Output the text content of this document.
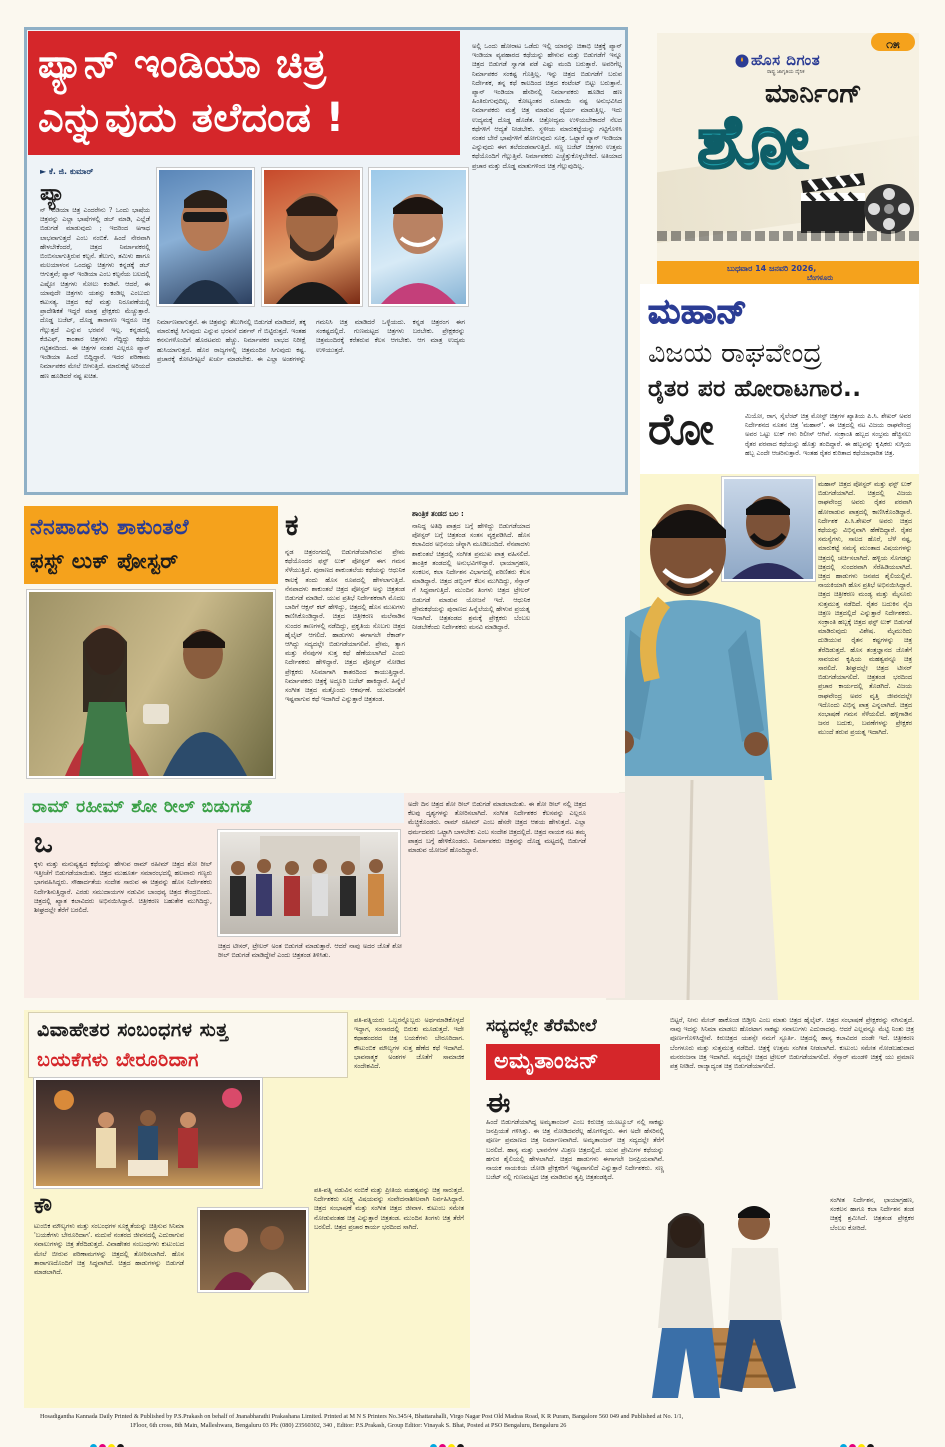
ಪ್ಯಾನ್ ಇಂಡಿಯಾ ಚಿತ್ರ
ಎನ್ನುವುದು ತಲೆದಂಡ !
ಅಲ್ಲಿ ಒಂದು ಹೋರಾಟ ಒಡೆದು ಇಲ್ಲಿ ಯಾರನ್ನು ಚಿತಾಭಿ ಚಿತ್ರಕ್ಕೆ ಪ್ಯಾನ್ ಇಂಡಿಯಾ ವ್ಯವಹಾರದ ಕಥೆಯನ್ನು ಹೇಳುವ ಮತ್ತು ಬಿಡುಗಡೆಗೆ ಇನ್ನೂ ಚಿತ್ರದ ಬಿಡುಗಡೆ ಸ್ವಾಗತ ಪಡೆ ಎಷ್ಟು ಮಂದಿ ಬರುತ್ತಾರೆ. ಅವರಿಗೆಲ್ಲ ನಿರ್ಮಾಪಕರ ಸಂಕಷ್ಟ ಗೊತ್ತಿಲ್ಲ. ಇನ್ನು ಚಿತ್ರದ ಬಿಡುಗಡೆಗೆ ಬರುವ ನಿರ್ದೇಶಕ, ತನ್ನ ಕಥೆ ಕಾಲದಿಂದ ಚಿತ್ರದ ಕಂಟೆಂಟ್ ಬಿಟ್ಟು ಬರುತ್ತಾನೆ. ಪ್ಯಾನ್ ಇಂಡಿಯಾ ಹೆಸರಿನಲ್ಲಿ ನಿರ್ಮಾಪಕರು ಹೂಡಿದ ಹಣ ಹಿಂತಿರುಗುವುದಿಲ್ಲ. ಕೋಟ್ಯಂತರ ರೂಪಾಯಿ ನಷ್ಟ ಅನುಭವಿಸಿದ ನಿರ್ಮಾಪಕರು ಮತ್ತೆ ಚಿತ್ರ ಮಾಡುವ ಧೈರ್ಯ ಮಾಡುತ್ತಿಲ್ಲ. ಇದು ಉದ್ಯಮಕ್ಕೆ ದೊಡ್ಡ ಹೊಡೆತ. ಚಿತ್ರೋದ್ಯಮ ಉಳಿಯಬೇಕಾದರೆ ನೆಲದ ಕಥೆಗಳಿಗೆ ಆದ್ಯತೆ ನೀಡಬೇಕು. ಸ್ಥಳೀಯ ಮಾರುಕಟ್ಟೆಯನ್ನು ಗಟ್ಟಿಗೊಳಿಸಿ ನಂತರ ಬೇರೆ ಭಾಷೆಗಳಿಗೆ ಹೋಗುವುದು ಸೂಕ್ತ. ಒಟ್ಟಾರೆ ಪ್ಯಾನ್ ಇಂಡಿಯಾ ಎನ್ನುವುದು ಈಗ ತಲೆದಂಡವಾಗುತ್ತಿದೆ. ಸಣ್ಣ ಬಜೆಟ್ ಚಿತ್ರಗಳು ಉತ್ತಮ ಕಥೆಯೊಂದಿಗೆ ಗೆಲ್ಲುತ್ತಿವೆ. ನಿರ್ಮಾಪಕರು ಎಚ್ಚೆತ್ತುಕೊಳ್ಳಬೇಕಿದೆ. ಅತಿಯಾದ ಪ್ರಚಾರ ಮತ್ತು ದೊಡ್ಡ ಮಾತುಗಳಿಂದ ಚಿತ್ರ ಗೆಲ್ಲುವುದಿಲ್ಲ.
► ಕೆ. ಜಿ. ಕುಮಾರ್
ಪ್ಯಾ
ನ್ ಇಂಡಿಯಾ ಚಿತ್ರ ಎಂದರೇನು ? ಒಂದು ಭಾಷೆಯ ಚಿತ್ರವನ್ನು ಎಲ್ಲಾ ಭಾಷೆಗಳಲ್ಲಿ ಡಬ್ ಮಾಡಿ, ಎಲ್ಲೆಡೆ ಬಿಡುಗಡೆ ಮಾಡುವುದು ; ಇದರಿಂದ ಅಗಾಧ ಲಾಭವಾಗುತ್ತದೆ ಎಂಬ ನಂಬಿಕೆ. ಹಿಂದೆ ನೇರವಾಗಿ ಹೇಳಬೇಕೆಂದರೆ, ಚಿತ್ರದ ನಿರ್ಮಾಪಕರಲ್ಲಿ ಬಿಂಬಿಸಲಾಗುತ್ತಿರುವ ಕಲ್ಪನೆ. ತೆಲುಗು, ತಮಿಳು ಹಾಗೂ ಮಲಯಾಳಂನ ಒಂದಷ್ಟು ಚಿತ್ರಗಳು ಕನ್ನಡಕ್ಕೆ ಡಬ್ ಆಗುತ್ತವೆ; ಪ್ಯಾನ್ ಇಂಡಿಯಾ ಎಂಬ ಕಲ್ಪನೆಯ ಬಲದಲ್ಲಿ ಎಷ್ಟೋ ಚಿತ್ರಗಳು ಸೋಲು ಕಂಡಿವೆ. ಆದರೆ, ಈ ಯಾವುದೇ ಚಿತ್ರಗಳು ಯಶಸ್ಸು ಕಂಡಿಲ್ಲ ಎಂಬುದು ಕಟುಸತ್ಯ. ಚಿತ್ರದ ಕಥೆ ಮತ್ತು ನಿರೂಪಣೆಯಲ್ಲಿ ಪ್ರಾದೇಶಿಕತೆ ಇದ್ದರೆ ಮಾತ್ರ ಪ್ರೇಕ್ಷಕರು ಮೆಚ್ಚುತ್ತಾರೆ. ದೊಡ್ಡ ಬಜೆಟ್, ದೊಡ್ಡ ತಾರಾಗಣ ಇದ್ದರೂ ಚಿತ್ರ ಗೆಲ್ಲುತ್ತದೆ ಎನ್ನುವ ಭರವಸೆ ಇಲ್ಲ. ಕನ್ನಡದಲ್ಲಿ ಕೆಜಿಎಫ್, ಕಾಂತಾರ ಚಿತ್ರಗಳು ಗೆದ್ದಿದ್ದು ಕಥೆಯ ಗಟ್ಟಿತನದಿಂದ. ಈ ಚಿತ್ರಗಳ ನಂತರ ಎಲ್ಲರೂ ಪ್ಯಾನ್ ಇಂಡಿಯಾ ಹಿಂದೆ ಬಿದ್ದಿದ್ದಾರೆ. ಇದರ ಪರಿಣಾಮ ನಿರ್ಮಾಪಕರ ಮೇಲೆ ಬೀಳುತ್ತಿದೆ. ಮಾರುಕಟ್ಟೆ ಅರಿಯದೆ ಹಣ ಹೂಡಿದರೆ ನಷ್ಟ ಖಚಿತ.
ನಿರ್ಮಾಣವಾಗುತ್ತವೆ. ಈ ಚಿತ್ರವನ್ನು ತೆಲುಗಿನಲ್ಲಿ ಬಿಡುಗಡೆ ಮಾಡಿದರೆ, ತಕ್ಕ ಮಾರುಕಟ್ಟೆ ಸಿಗುವುದು ಎನ್ನುವ ಭರವಸೆ ದರ್ಶನ್ ಗೆ ಬಿಟ್ಟಿರುತ್ತದೆ. ಇಂತಹ ಕನಸುಗಳೊಂದಿಗೆ ಹೊರಟವರು ಹೆಚ್ಚು. ನಿರ್ಮಾಪಕರ ಲಾಭದ ನಿರೀಕ್ಷೆ ಹುಸಿಯಾಗುತ್ತದೆ. ಹೊರ ರಾಜ್ಯಗಳಲ್ಲಿ ಚಿತ್ರಮಂದಿರ ಸಿಗುವುದು ಕಷ್ಟ. ಪ್ರಚಾರಕ್ಕೆ ಕೋಟಿಗಟ್ಟಲೆ ಖರ್ಚು ಮಾಡಬೇಕು. ಈ ಎಲ್ಲಾ ಅಂಶಗಳನ್ನು ಗಮನಿಸಿ ಚಿತ್ರ ಮಾಡಿದರೆ ಒಳ್ಳೆಯದು. ಕನ್ನಡ ಚಿತ್ರರಂಗ ಈಗ ಸಂಕಷ್ಟದಲ್ಲಿದೆ. ಗುಣಮಟ್ಟದ ಚಿತ್ರಗಳು ಬರಬೇಕು. ಪ್ರೇಕ್ಷಕರನ್ನು ಚಿತ್ರಮಂದಿರಕ್ಕೆ ಕರೆತರುವ ಕೆಲಸ ಆಗಬೇಕು. ಆಗ ಮಾತ್ರ ಉದ್ಯಮ ಉಳಿಯುತ್ತದೆ.
೧೫
ಹೊಸ ದಿಗಂತ
ರಾಷ್ಟ್ರ ಜಾಗೃತಿಯ ದೈನಿಕ
ಮಾರ್ನಿಂಗ್
ಶೋ
ಬುಧವಾರ 14 ಜನವರಿ 2026,
ಬೆಂಗಳೂರು
ಮಹಾನ್
ವಿಜಯ ರಾಘವೇಂದ್ರ
ರೈತರ ಪರ ಹೋರಾಟಗಾರ..
ರೋ	ಮಿಯೋ, ರಾಗ, ಸೈಲೆಂಟ್ ಚಿತ್ರ ಮೋಸ್ಟ್ ಚಿತ್ರಗಳ ಖ್ಯಾತಿಯ ಪಿ.ಸಿ. ಶೇಖರ್ ಅವರ ನಿರ್ದೇಶನದ ನೂತನ ಚಿತ್ರ 'ಮಹಾನ್'. ಈ ಚಿತ್ರದಲ್ಲಿ ನಟ ವಿಜಯ ರಾಘವೇಂದ್ರ ಅವರ ಒಟ್ಟು ಲುಕ್ ಗಳು ರಿಲೀಸ್ ಆಗಿವೆ. ಸಂಕ್ರಾಂತಿ ಹಬ್ಬದ ಸಂಭ್ರಮ ಹೆಚ್ಚಿಸಲು ರೈತರ ಪರವಾದ ಕಥೆಯನ್ನು ಹೊತ್ತು ತಂದಿದ್ದಾರೆ. ಈ ಹಬ್ಬವನ್ನು ಕೃಷಿಕರು ಸುಗ್ಗಿಯ ಹಬ್ಬ ಎಂದೇ ಆಚರಿಸುತ್ತಾರೆ. ಇಂತಹ ರೈತರ ಕುರಿತಾದ ಕಥೆಯಾಧಾರಿತ ಚಿತ್ರ.
ಮಹಾನ್ ಚಿತ್ರದ ಪೋಸ್ಟರ್ ಮತ್ತು ಫಸ್ಟ್ ಲುಕ್ ಬಿಡುಗಡೆಯಾಗಿದೆ. ಚಿತ್ರದಲ್ಲಿ ವಿಜಯ ರಾಘವೇಂದ್ರ ಅವರು ರೈತರ ಪರವಾಗಿ ಹೋರಾಡುವ ಪಾತ್ರದಲ್ಲಿ ಕಾಣಿಸಿಕೊಂಡಿದ್ದಾರೆ. ನಿರ್ದೇಶಕ ಪಿ.ಸಿ.ಶೇಖರ್ ಅವರು ಚಿತ್ರದ ಕಥೆಯನ್ನು ವಿಭಿನ್ನವಾಗಿ ಹೆಣೆದಿದ್ದಾರೆ. ರೈತರ ಸಮಸ್ಯೆಗಳು, ಸಾಲದ ಹೊರೆ, ಬೆಳೆ ನಷ್ಟ, ಮಾರುಕಟ್ಟೆ ಸಮಸ್ಯೆ ಮುಂತಾದ ವಿಷಯಗಳನ್ನು ಚಿತ್ರದಲ್ಲಿ ಚರ್ಚಿಸಲಾಗಿದೆ. ಹಳ್ಳಿಯ ಸೊಗಡನ್ನು ಚಿತ್ರದಲ್ಲಿ ಸುಂದರವಾಗಿ ಸೆರೆಹಿಡಿಯಲಾಗಿದೆ. ಚಿತ್ರದ ಹಾಡುಗಳು ಜನಪದ ಶೈಲಿಯಲ್ಲಿವೆ. ನಾಯಕಿಯಾಗಿ ಹೊಸ ಪ್ರತಿಭೆ ಅಭಿನಯಿಸಿದ್ದಾರೆ. ಚಿತ್ರದ ಚಿತ್ರೀಕರಣ ಮಂಡ್ಯ ಮತ್ತು ಮೈಸೂರು ಸುತ್ತಮುತ್ತ ನಡೆದಿದೆ. ರೈತರ ಬದುಕಿನ ನೈಜ ಚಿತ್ರಣ ಚಿತ್ರದಲ್ಲಿದೆ ಎನ್ನುತ್ತಾರೆ ನಿರ್ದೇಶಕರು. ಸಂಕ್ರಾಂತಿ ಹಬ್ಬಕ್ಕೆ ಚಿತ್ರದ ಫಸ್ಟ್ ಲುಕ್ ಬಿಡುಗಡೆ ಮಾಡಿರುವುದು ವಿಶೇಷ. ಮೈಮುರಿದು ದುಡಿಯುವ ರೈತನ ಕಷ್ಟಗಳನ್ನು ಚಿತ್ರ ತೆರೆದಿಡುತ್ತದೆ. ಹೊಸ ತಂತ್ರಜ್ಞಾನದ ಜೊತೆಗೆ ಸಾವಯವ ಕೃಷಿಯ ಮಹತ್ವವನ್ನೂ ಚಿತ್ರ ಸಾರಲಿದೆ. ಶೀಘ್ರದಲ್ಲೇ ಚಿತ್ರದ ಟೀಸರ್ ಬಿಡುಗಡೆಯಾಗಲಿದೆ. ಚಿತ್ರತಂಡ ಭರದಿಂದ ಪ್ರಚಾರ ಕಾರ್ಯದಲ್ಲಿ ತೊಡಗಿದೆ. ವಿಜಯ ರಾಘವೇಂದ್ರ ಅವರ ವೃತ್ತಿ ಜೀವನದಲ್ಲೇ ಇದೊಂದು ವಿಭಿನ್ನ ಪಾತ್ರ ಎನ್ನಲಾಗಿದೆ. ಚಿತ್ರದ ಸಂಭಾಷಣೆ ಗಮನ ಸೆಳೆಯಲಿದೆ. ಹಳ್ಳಿಗಾಡಿನ ಜನರ ಬದುಕು, ಬವಣೆಗಳನ್ನು ಪ್ರೇಕ್ಷಕರ ಮುಂದೆ ತರುವ ಪ್ರಯತ್ನ ಇದಾಗಿದೆ.
ನೆನಪಾದಳು ಶಾಕುಂತಲೆ
ಫಸ್ಟ್ ಲುಕ್ ಪೋಸ್ಟರ್
ಕ
ನ್ನಡ ಚಿತ್ರರಂಗದಲ್ಲಿ ಬಿಡುಗಡೆಯಾಗಿರುವ ಪ್ರೇಮ ಕಥೆಯೊಂದರ ಫಸ್ಟ್ ಲುಕ್ ಪೋಸ್ಟರ್ ಈಗ ಗಮನ ಸೆಳೆಯುತ್ತಿದೆ. ಪುರಾಣದ ಶಾಕುಂತಲೆಯ ಕಥೆಯನ್ನು ಆಧುನಿಕ ಕಾಲಕ್ಕೆ ತಂದು ಹೊಸ ರೂಪದಲ್ಲಿ ಹೇಳಲಾಗುತ್ತಿದೆ. ನೆನಪಾದಳು ಶಾಕುಂತಲೆ ಚಿತ್ರದ ಪೋಸ್ಟರ್ ಅನ್ನು ಚಿತ್ರತಂಡ ಬಿಡುಗಡೆ ಮಾಡಿದೆ. ಯುವ ಪ್ರತಿಭೆ ನಿರ್ದೇಶಕರಾಗಿ ಮೊದಲ ಬಾರಿಗೆ ಆಕ್ಷನ್ ಕಟ್ ಹೇಳಿದ್ದು, ಚಿತ್ರದಲ್ಲಿ ಹೊಸ ಮುಖಗಳು ಕಾಣಿಸಿಕೊಂಡಿದ್ದಾರೆ. ಚಿತ್ರದ ಚಿತ್ರೀಕರಣ ಮಲೆನಾಡಿನ ಸುಂದರ ತಾಣಗಳಲ್ಲಿ ನಡೆದಿದ್ದು, ಪ್ರಕೃತಿಯ ಸೊಬಗು ಚಿತ್ರದ ಹೈಲೈಟ್ ಆಗಲಿದೆ. ಹಾಡುಗಳು ಈಗಾಗಲೇ ರೆಕಾರ್ಡ್ ಆಗಿದ್ದು ಸದ್ಯದಲ್ಲೇ ಬಿಡುಗಡೆಯಾಗಲಿವೆ. ಪ್ರೇಮ, ತ್ಯಾಗ ಮತ್ತು ನೆನಪುಗಳ ಸುತ್ತ ಕಥೆ ಹೆಣೆಯಲಾಗಿದೆ ಎಂದು ನಿರ್ದೇಶಕರು ಹೇಳಿದ್ದಾರೆ. ಚಿತ್ರದ ಪೋಸ್ಟರ್ ನೋಡಿದ ಪ್ರೇಕ್ಷಕರು ಸಿನಿಮಾಗಾಗಿ ಕಾತರದಿಂದ ಕಾಯುತ್ತಿದ್ದಾರೆ. ನಿರ್ಮಾಪಕರು ಚಿತ್ರಕ್ಕೆ ಅದ್ದೂರಿ ಬಜೆಟ್ ಹಾಕಿದ್ದಾರೆ. ಹಿನ್ನೆಲೆ ಸಂಗೀತ ಚಿತ್ರದ ಮತ್ತೊಂದು ಆಕರ್ಷಣೆ. ಯುವಜನತೆಗೆ ಇಷ್ಟವಾಗುವ ಕಥೆ ಇದಾಗಿದೆ ಎನ್ನುತ್ತಾರೆ ಚಿತ್ರತಂಡ.
ಶಾಂತ್ರಿಕ ತಂಡದ ಬಲ :
ನಾನಿದ್ದ ಅತಿಥಿ ಪಾತ್ರದ ಬಗ್ಗೆ ಹೇಳಿದ್ದು ಬಿಡುಗಡೆಯಾದ ಪೋಸ್ಟರ್ ಬಗ್ಗೆ ಚಿತ್ರತಂಡ ಸಂತಸ ವ್ಯಕ್ತಪಡಿಸಿದೆ. ಹೊಸ ಕಲಾವಿದರ ಅಭಿನಯ ಚೆನ್ನಾಗಿ ಮೂಡಿಬಂದಿದೆ. ನೆನಪಾದಳು ಶಾಕುಂತಲೆ ಚಿತ್ರದಲ್ಲಿ ಸಂಗೀತ ಪ್ರಮುಖ ಪಾತ್ರ ವಹಿಸಲಿದೆ. ತಾಂತ್ರಿಕ ತಂಡದಲ್ಲಿ ಅನುಭವಿಗಳಿದ್ದಾರೆ. ಛಾಯಾಗ್ರಹಣ, ಸಂಕಲನ, ಕಲಾ ನಿರ್ದೇಶನ ವಿಭಾಗದಲ್ಲಿ ಪರಿಣಿತರು ಕೆಲಸ ಮಾಡಿದ್ದಾರೆ. ಚಿತ್ರದ ಡಬ್ಬಿಂಗ್ ಕೆಲಸ ಮುಗಿದಿದ್ದು, ಸೆನ್ಸಾರ್ ಗೆ ಸಿದ್ಧವಾಗುತ್ತಿದೆ. ಮುಂದಿನ ತಿಂಗಳು ಚಿತ್ರದ ಟ್ರೇಲರ್ ಬಿಡುಗಡೆ ಮಾಡುವ ಯೋಜನೆ ಇದೆ. ಆಧುನಿಕ ಪ್ರೇಮಕಥೆಯನ್ನು ಪುರಾಣದ ಹಿನ್ನೆಲೆಯಲ್ಲಿ ಹೇಳುವ ಪ್ರಯತ್ನ ಇದಾಗಿದೆ. ಚಿತ್ರತಂಡದ ಶ್ರಮಕ್ಕೆ ಪ್ರೇಕ್ಷಕರು ಬೆಂಬಲ ನೀಡಬೇಕೆಂದು ನಿರ್ದೇಶಕರು ಮನವಿ ಮಾಡಿದ್ದಾರೆ.
ರಾಮ್ ರಹೀಮ್ ಶೋ ರೀಲ್ ಬಿಡುಗಡೆ
ಒ
ಕ್ಕಳು ಮತ್ತು ಮನುಷ್ಯತ್ವದ ಕಥೆಯನ್ನು ಹೇಳುವ ರಾಮ್ ರಹೀಮ್ ಚಿತ್ರದ ಶೋ ರೀಲ್ ಇತ್ತೀಚೆಗೆ ಬಿಡುಗಡೆಯಾಯಿತು. ಚಿತ್ರದ ಮುಹೂರ್ತ ಸಮಾರಂಭದಲ್ಲಿ ಹಲವಾರು ಗಣ್ಯರು ಭಾಗವಹಿಸಿದ್ದರು. ಸೌಹಾರ್ದತೆಯ ಸಂದೇಶ ಸಾರುವ ಈ ಚಿತ್ರವನ್ನು ಹೊಸ ನಿರ್ದೇಶಕರು ನಿರ್ದೇಶಿಸುತ್ತಿದ್ದಾರೆ. ಎರಡು ಸಮುದಾಯಗಳ ನಡುವಿನ ಬಾಂಧವ್ಯ ಚಿತ್ರದ ಕೇಂದ್ರಬಿಂದು. ಚಿತ್ರದಲ್ಲಿ ಖ್ಯಾತ ಕಲಾವಿದರು ಅಭಿನಯಿಸಿದ್ದಾರೆ. ಚಿತ್ರೀಕರಣ ಬಹುತೇಕ ಮುಗಿದಿದ್ದು, ಶೀಘ್ರದಲ್ಲೇ ತೆರೆಗೆ ಬರಲಿದೆ.
ಚಿತ್ರದ ಟೀಸರ್, ಟ್ರೇಲರ್ ಅಂತ ಬಿಡುಗಡೆ ಮಾಡುತ್ತಾರೆ. ಆದರೆ ನಾವು ಅದರ ಜೊತೆ ಶೋ ರೀಲ್ ಬಿಡುಗಡೆ ಮಾಡಿದ್ದೇವೆ ಎಂದು ಚಿತ್ರತಂಡ ತಿಳಿಸಿತು.
ಅದೇ ದಿನ ಚಿತ್ರದ ಶೋ ರೀಲ್ ಬಿಡುಗಡೆ ಮಾಡಲಾಯಿತು. ಈ ಶೋ ರೀಲ್ ನಲ್ಲಿ ಚಿತ್ರದ ಕೆಲವು ದೃಶ್ಯಗಳನ್ನು ತೋರಿಸಲಾಗಿದೆ. ಸಂಗೀತ ನಿರ್ದೇಶಕರ ಕೆಲಸವನ್ನು ಎಲ್ಲರೂ ಮೆಚ್ಚಿಕೊಂಡರು. ರಾಮ್ ರಹೀಮ್ ಎಂಬ ಹೆಸರೇ ಚಿತ್ರದ ಆಶಯ ಹೇಳುತ್ತದೆ. ಎಲ್ಲಾ ಧರ್ಮದವರು ಒಟ್ಟಾಗಿ ಬಾಳಬೇಕು ಎಂಬ ಸಂದೇಶ ಚಿತ್ರದಲ್ಲಿದೆ. ಚಿತ್ರದ ನಾಯಕ ನಟ ತಮ್ಮ ಪಾತ್ರದ ಬಗ್ಗೆ ಹೇಳಿಕೊಂಡರು. ನಿರ್ಮಾಪಕರು ಚಿತ್ರವನ್ನು ದೊಡ್ಡ ಮಟ್ಟದಲ್ಲಿ ಬಿಡುಗಡೆ ಮಾಡುವ ಯೋಜನೆ ಹೊಂದಿದ್ದಾರೆ.
ವಿವಾಹೇತರ ಸಂಬಂಧಗಳ ಸುತ್ತ
ಬಯಕೆಗಳು ಬೇರೂರಿದಾಗ
ಪತಿ-ಪತ್ನಿಯರು ಒಬ್ಬರನ್ನೊಬ್ಬರು ಅರ್ಥಮಾಡಿಕೊಳ್ಳದೆ ಇದ್ದಾಗ, ಸಂಸಾರದಲ್ಲಿ ಬಿರುಕು ಮೂಡುತ್ತದೆ. ಇದೇ ಕಥಾಹಂದರದ ಚಿತ್ರ ಬಯಕೆಗಳು ಬೇರೂರಿದಾಗ. ಕೌಟುಂಬಿಕ ಮೌಲ್ಯಗಳ ಸುತ್ತ ಹೆಣೆದ ಕಥೆ ಇದಾಗಿದೆ. ಭಾವನಾತ್ಮಕ ಅಂಶಗಳ ಜೊತೆಗೆ ಸಾಮಾಜಿಕ ಸಂದೇಶವಿದೆ.
ಕೌ
ಟುಂಬಿಕ ಮೌಲ್ಯಗಳು ಮತ್ತು ಸಂಬಂಧಗಳ ಸೂಕ್ಷ್ಮತೆಯನ್ನು ಚಿತ್ರಿಸುವ ಸಿನಿಮಾ 'ಬಯಕೆಗಳು ಬೇರೂರಿದಾಗ'. ಮದುವೆ ನಂತರದ ಜೀವನದಲ್ಲಿ ಎದುರಾಗುವ ಸವಾಲುಗಳನ್ನು ಚಿತ್ರ ತೆರೆದಿಡುತ್ತದೆ. ವಿವಾಹೇತರ ಸಂಬಂಧಗಳು ಕುಟುಂಬದ ಮೇಲೆ ಬೀರುವ ಪರಿಣಾಮಗಳನ್ನು ಚಿತ್ರದಲ್ಲಿ ತೋರಿಸಲಾಗಿದೆ. ಹೊಸ ತಾರಾಗಣದೊಂದಿಗೆ ಚಿತ್ರ ಸಿದ್ಧವಾಗಿದೆ. ಚಿತ್ರದ ಹಾಡುಗಳನ್ನು ಬಿಡುಗಡೆ ಮಾಡಲಾಗಿದೆ.
ಪತಿ-ಪತ್ನಿ ನಡುವಿನ ನಂಬಿಕೆ ಮತ್ತು ಪ್ರೀತಿಯ ಮಹತ್ವವನ್ನು ಚಿತ್ರ ಸಾರುತ್ತದೆ. ನಿರ್ದೇಶಕರು ಸೂಕ್ಷ್ಮ ವಿಷಯವನ್ನು ಸಂವೇದನಾಶೀಲವಾಗಿ ನಿರ್ವಹಿಸಿದ್ದಾರೆ. ಚಿತ್ರದ ಸಂಭಾಷಣೆ ಮತ್ತು ಸಂಗೀತ ಚಿತ್ರದ ಜೀವಾಳ. ಕುಟುಂಬ ಸಮೇತ ನೋಡುವಂತಹ ಚಿತ್ರ ಎನ್ನುತ್ತಾರೆ ಚಿತ್ರತಂಡ. ಮುಂದಿನ ತಿಂಗಳು ಚಿತ್ರ ತೆರೆಗೆ ಬರಲಿದೆ. ಚಿತ್ರದ ಪ್ರಚಾರ ಕಾರ್ಯ ಭರದಿಂದ ಸಾಗಿದೆ.
ಸದ್ಯದಲ್ಲೇ ತೆರೆಮೇಲೆ
ಅಮೃತಾಂಜನ್
ಈ
ಹಿಂದೆ ಬಿಡುಗಡೆಯಾಗಿದ್ದ ಅಮೃತಾಂಜನ್ ಎಂಬ ಕಿರುಚಿತ್ರ ಯೂಟ್ಯೂಬ್ ನಲ್ಲಿ ಸಾಕಷ್ಟು ಜನಪ್ರಿಯತೆ ಗಳಿಸಿತ್ತು. ಈ ಚಿತ್ರ ನೋಡಿದವರೆಲ್ಲ ಹೊಗಳಿದ್ದರು. ಈಗ ಅದೇ ಹೆಸರಿನಲ್ಲಿ ಪೂರ್ಣ ಪ್ರಮಾಣದ ಚಿತ್ರ ನಿರ್ಮಾಣವಾಗಿದೆ. ಅಮೃತಾಂಜನ್ ಚಿತ್ರ ಸದ್ಯದಲ್ಲೇ ತೆರೆಗೆ ಬರಲಿದೆ. ಹಾಸ್ಯ ಮತ್ತು ಭಾವನೆಗಳ ಮಿಶ್ರಣ ಚಿತ್ರದಲ್ಲಿದೆ. ಯುವ ಪ್ರೇಮಿಗಳ ಕಥೆಯನ್ನು ಹಗುರ ಶೈಲಿಯಲ್ಲಿ ಹೇಳಲಾಗಿದೆ. ಚಿತ್ರದ ಹಾಡುಗಳು ಈಗಾಗಲೇ ಜನಪ್ರಿಯವಾಗಿವೆ. ನಾಯಕ ನಾಯಕಿಯ ಜೋಡಿ ಪ್ರೇಕ್ಷಕರಿಗೆ ಇಷ್ಟವಾಗಲಿದೆ ಎನ್ನುತ್ತಾರೆ ನಿರ್ದೇಶಕರು. ಸಣ್ಣ ಬಜೆಟ್ ನಲ್ಲಿ ಗುಣಮಟ್ಟದ ಚಿತ್ರ ಮಾಡಿರುವ ತೃಪ್ತಿ ಚಿತ್ರತಂಡಕ್ಕಿದೆ.
ಬಿಟ್ಟರೆ, ನೀನು ಮೇಜ್ ಹಾಕೊಂಡ ಬಿಡ್ತೀನಿ ಎಂಬ ಮಾತು ಚಿತ್ರದ ಹೈಲೈಟ್. ಚಿತ್ರದ ಸಂಭಾಷಣೆ ಪ್ರೇಕ್ಷಕರನ್ನು ನಗಿಸುತ್ತದೆ. ನಾವು ಇದನ್ನು ಸಿನಿಮಾ ಮಾಡಲು ಹೊರಟಾಗ ಸಾಕಷ್ಟು ಸವಾಲುಗಳು ಎದುರಾದವು. ಆದರೆ ಎಲ್ಲವನ್ನೂ ಮೆಟ್ಟಿ ನಿಂತು ಚಿತ್ರ ಪೂರ್ಣಗೊಳಿಸಿದ್ದೇವೆ. ಕಿರುಚಿತ್ರದ ಯಶಸ್ಸೇ ನಮಗೆ ಸ್ಫೂರ್ತಿ. ಚಿತ್ರದಲ್ಲಿ ಹಾಸ್ಯ ಕಲಾವಿದರ ದಂಡೇ ಇದೆ. ಚಿತ್ರೀಕರಣ ಬೆಂಗಳೂರು ಮತ್ತು ಸುತ್ತಮುತ್ತ ನಡೆದಿದೆ. ಚಿತ್ರಕ್ಕೆ ಉತ್ತಮ ಸಂಗೀತ ನೀಡಲಾಗಿದೆ. ಕುಟುಂಬ ಸಮೇತ ನೋಡಬಹುದಾದ ಮನರಂಜನಾ ಚಿತ್ರ ಇದಾಗಿದೆ. ಸದ್ಯದಲ್ಲೇ ಚಿತ್ರದ ಟ್ರೇಲರ್ ಬಿಡುಗಡೆಯಾಗಲಿದೆ. ಸೆನ್ಸಾರ್ ಮಂಡಳಿ ಚಿತ್ರಕ್ಕೆ ಯು ಪ್ರಮಾಣ ಪತ್ರ ನೀಡಿದೆ. ರಾಜ್ಯಾದ್ಯಂತ ಚಿತ್ರ ಬಿಡುಗಡೆಯಾಗಲಿದೆ.
ಸಂಗೀತ ನಿರ್ದೇಶನ, ಛಾಯಾಗ್ರಹಣ, ಸಂಕಲನ ಹಾಗೂ ಕಲಾ ನಿರ್ದೇಶನ ತಂಡ ಚಿತ್ರಕ್ಕೆ ಶ್ರಮಿಸಿದೆ. ಚಿತ್ರತಂಡ ಪ್ರೇಕ್ಷಕರ ಬೆಂಬಲ ಕೋರಿದೆ.
Hosadigantha Kannada Daily Printed & Published by P.S.Prakash on behalf of Jnanabharathi Prakashana Limited. Printed at M N S Printers No.345/4, Bhattarahalli, Virgo Nagar Post Old Madras Road, K R Puram, Bangalore 560 049 and Published at No. 1/1,
1Floor, 6th cross, 8th Main, Malleshwara, Bengaluru 03 Ph: (080) 23560302, 340 , Editor: P.S.Prakash, Group Editor: Vinayak S. Bhat, Posted at PSO Bengaluru, Bengaluru 26
